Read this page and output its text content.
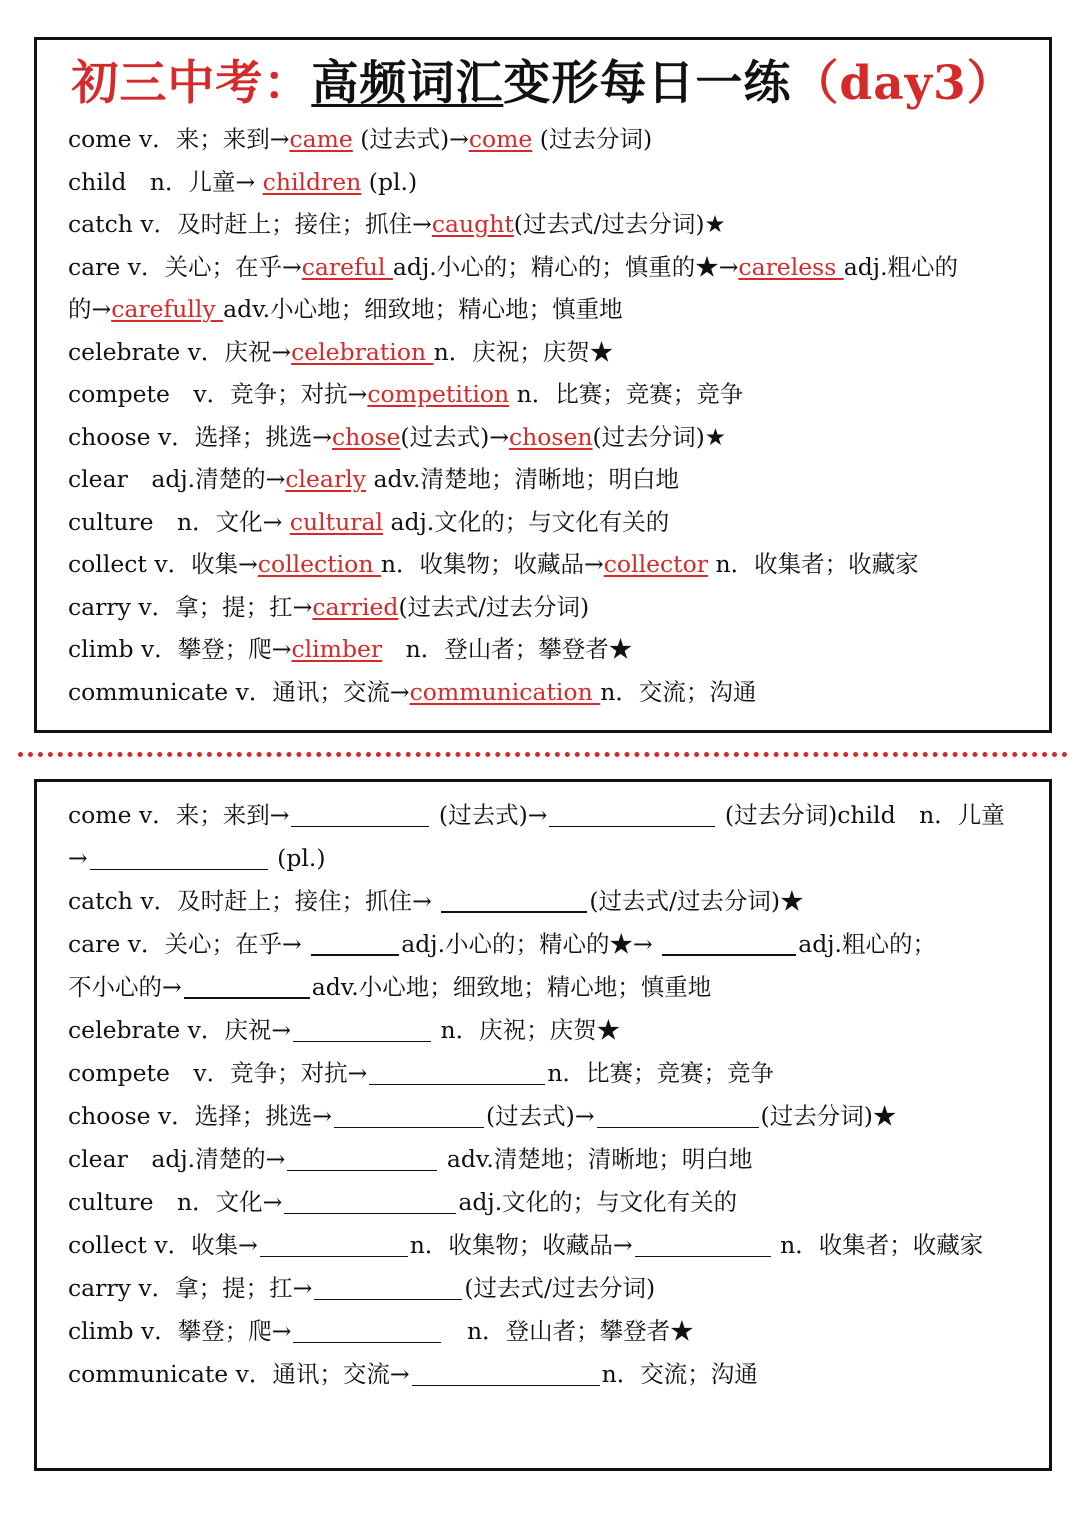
初三中考：高频词汇变形每日一练（day3）
come v．来；来到→came (过去式)→come (过去分词)
child　n．儿童→ children (pl.)
catch v．及时赶上；接住；抓住→caught(过去式/过去分词)★
care v．关心；在乎→careful adj.小心的；精心的；慎重的★→careless adj.粗心的
的→carefully adv.小心地；细致地；精心地；慎重地
celebrate v．庆祝→celebration n．庆祝；庆贺★
compete　v．竞争；对抗→competition n．比赛；竞赛；竞争
choose v．选择；挑选→chose(过去式)→chosen(过去分词)★
clear　adj.清楚的→clearly adv.清楚地；清晰地；明白地
culture　n．文化→ cultural adj.文化的；与文化有关的
collect v．收集→collection n．收集物；收藏品→collector n．收集者；收藏家
carry v．拿；提；扛→carried(过去式/过去分词)
climb v．攀登；爬→climber　n．登山者；攀登者★
communicate v．通讯；交流→communication n．交流；沟通
come v．来；来到→	(过去式)→	(过去分词)child　n．儿童
→	(pl.)
catch v．及时赶上；接住；抓住→	(过去式/过去分词)★
care v．关心；在乎→	adj.小心的；精心的★→	adj.粗心的；
不小心的→	adv.小心地；细致地；精心地；慎重地
celebrate v．庆祝→	n．庆祝；庆贺★
compete　v．竞争；对抗→	n．比赛；竞赛；竞争
choose v．选择；挑选→	(过去式)→	(过去分词)★
clear　adj.清楚的→	adv.清楚地；清晰地；明白地
culture　n．文化→	adj.文化的；与文化有关的
collect v．收集→	n．收集物；收藏品→	n．收集者；收藏家
carry v．拿；提；扛→	(过去式/过去分词)
climb v．攀登；爬→	　n．登山者；攀登者★
communicate v．通讯；交流→	n．交流；沟通
